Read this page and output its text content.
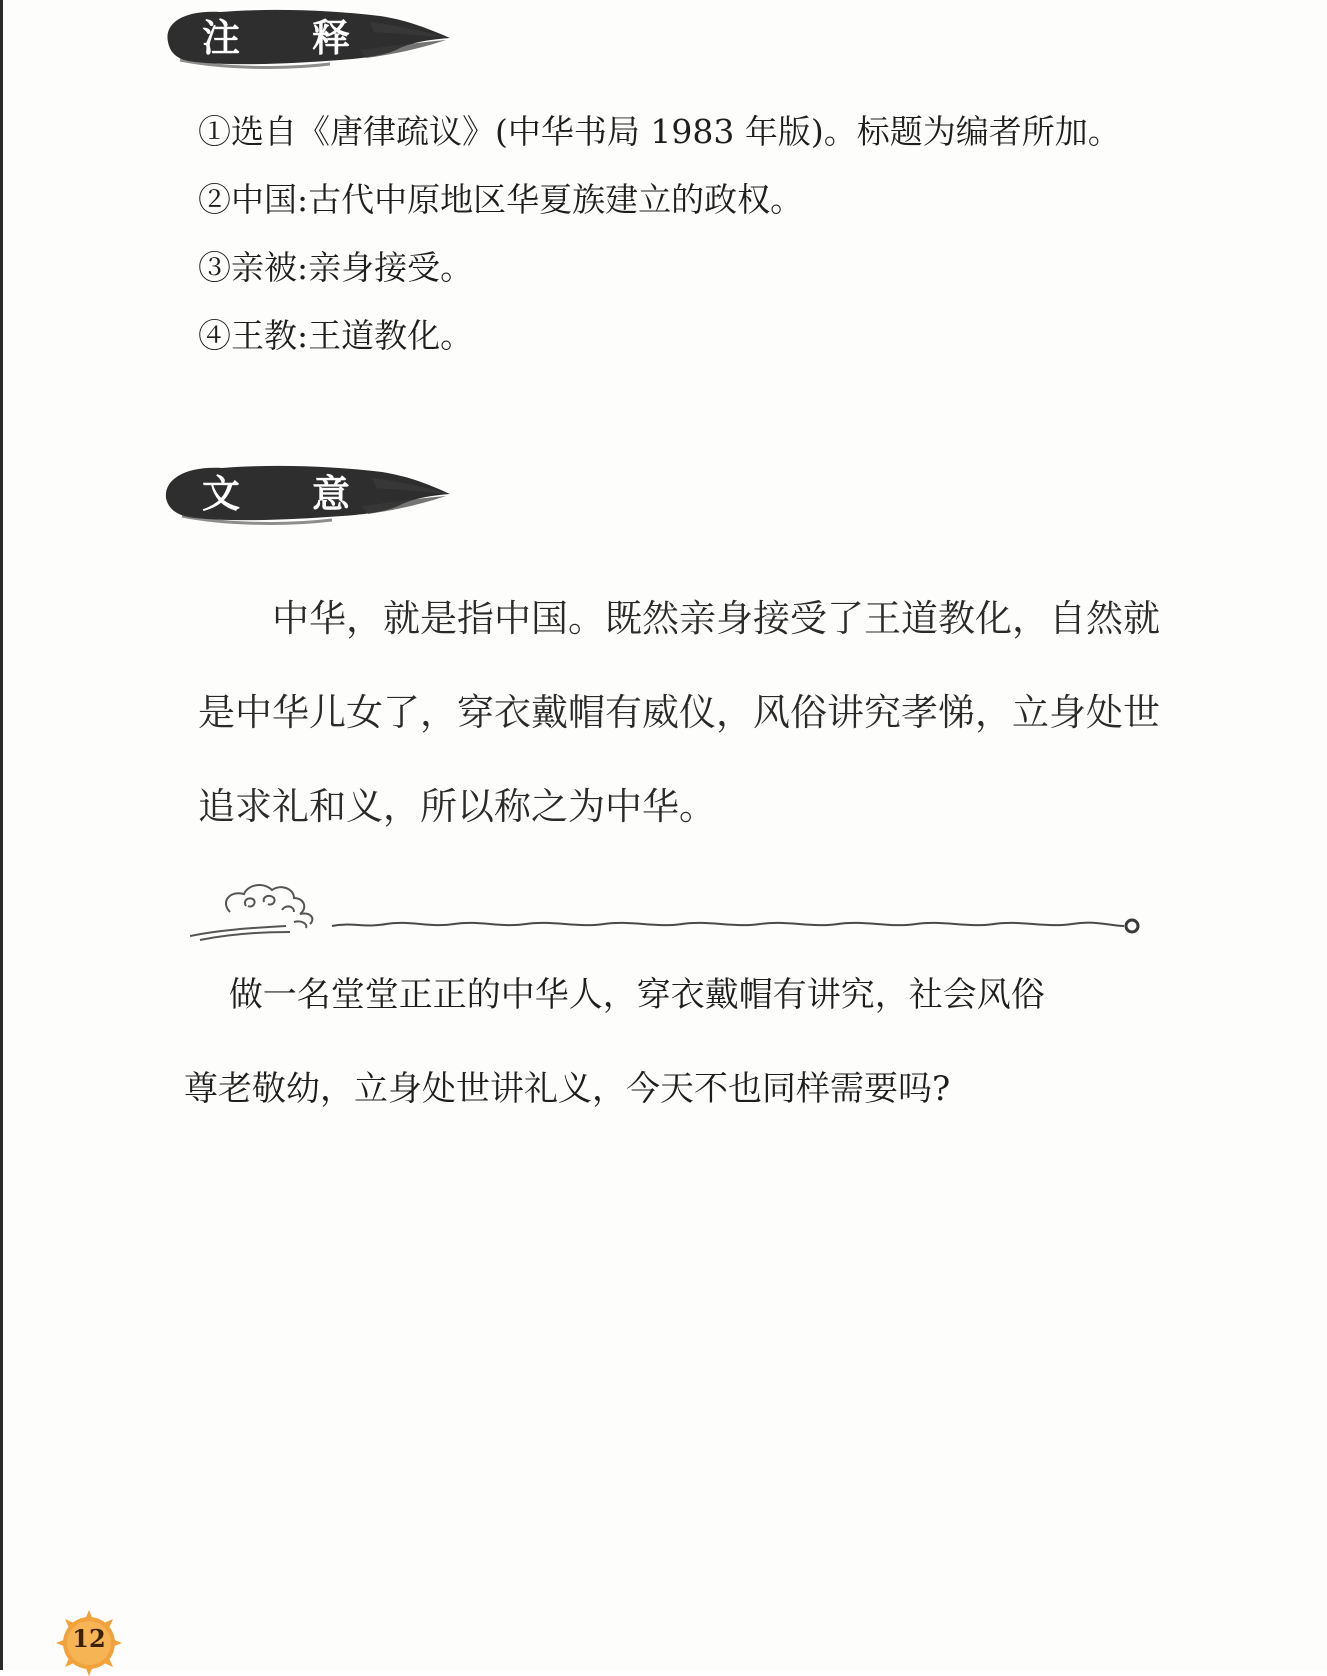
注 释
①选自《唐律疏议》(中华书局 1983 年版)。标题为编者所加。
②中国:古代中原地区华夏族建立的政权。
③亲被:亲身接受。
④王教:王道教化。
文 意
　　中华，就是指中国。既然亲身接受了王道教化，自然就
是中华儿女了，穿衣戴帽有威仪，风俗讲究孝悌，立身处世
追求礼和义，所以称之为中华。
　 做一名堂堂正正的中华人，穿衣戴帽有讲究，社会风俗
尊老敬幼，立身处世讲礼义，今天不也同样需要吗?
12
